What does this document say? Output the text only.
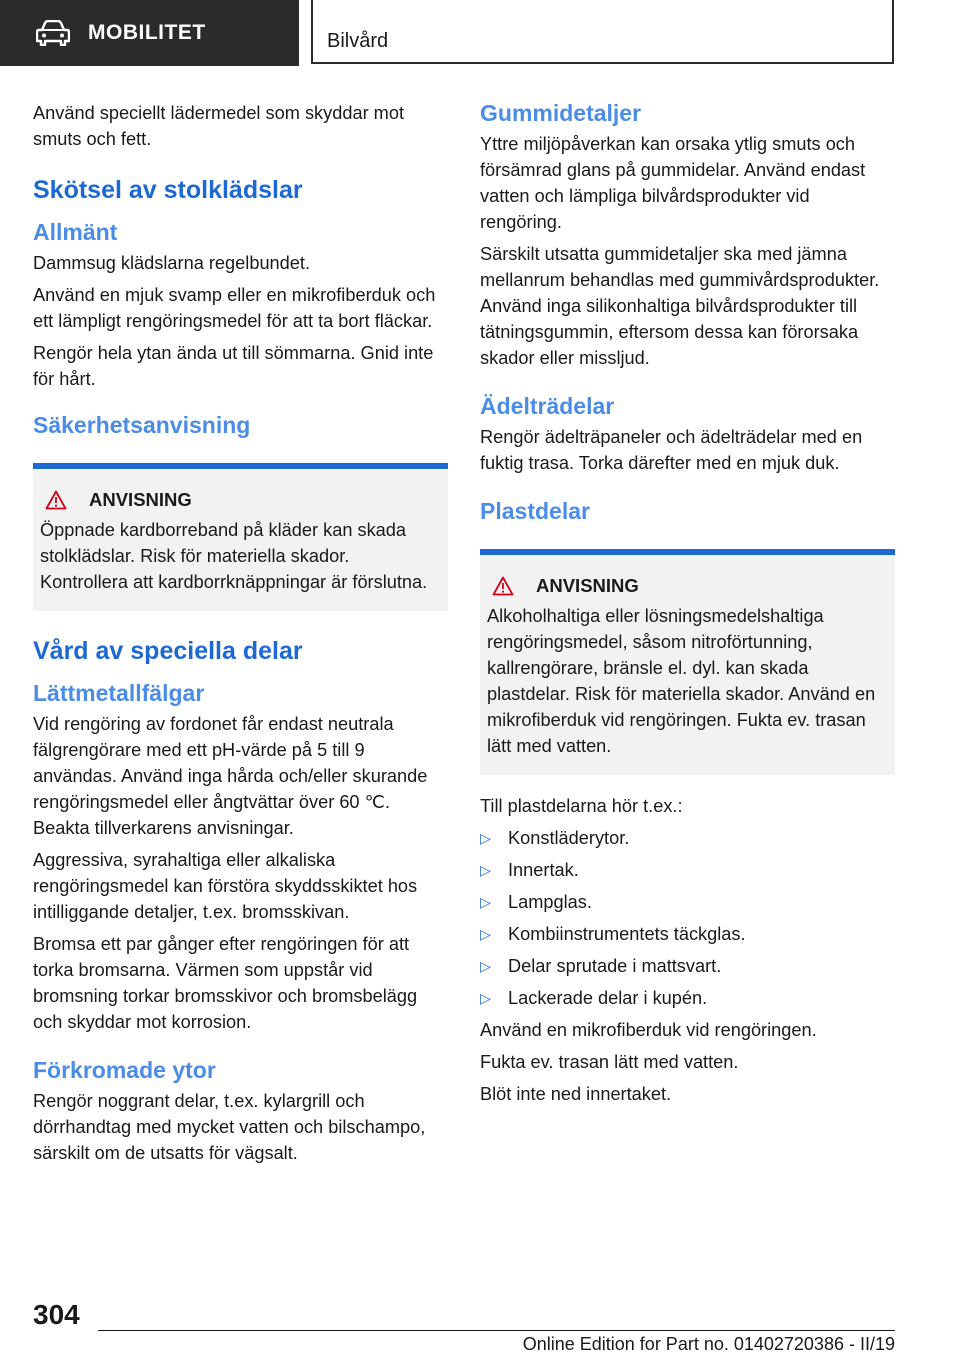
MOBILITET	Bilvård

Använd speciellt lädermedel som skyddar mot smuts och fett.

Skötsel av stolklädslar
Allmänt

Dammsug klädslarna regelbundet.

Använd en mjuk svamp eller en mikrofiberduk och ett lämpligt rengöringsmedel för att ta bort fläckar.

Rengör hela ytan ända ut till sömmarna. Gnid inte för hårt.

Säkerhetsanvisning
ANVISNING

Öppnade kardborreband på kläder kan skada stolklädslar. Risk för materiella skador. Kontrollera att kardborrknäppningar är förslutna.

Vård av speciella delar
Lättmetallfälgar

Vid rengöring av fordonet får endast neutrala fälgrengörare med ett pH-värde på 5 till 9 användas. Använd inga hårda och/eller skurande rengöringsmedel eller ångtvättar över 60 ℃. Beakta tillverkarens anvisningar.

Aggressiva, syrahaltiga eller alkaliska rengöringsmedel kan förstöra skyddsskiktet hos intilliggande detaljer, t.ex. bromsskivan.

Bromsa ett par gånger efter rengöringen för att torka bromsarna. Värmen som uppstår vid bromsning torkar bromsskivor och bromsbelägg och skyddar mot korrosion.

Förkromade ytor

Rengör noggrant delar, t.ex. kylargrill och dörrhandtag med mycket vatten och bilschampo, särskilt om de utsatts för vägsalt.

Gummidetaljer

Yttre miljöpåverkan kan orsaka ytlig smuts och försämrad glans på gummidelar. Använd endast vatten och lämpliga bilvårdsprodukter vid rengöring.

Särskilt utsatta gummidetaljer ska med jämna mellanrum behandlas med gummivårdsprodukter. Använd inga silikonhaltiga bilvårdsprodukter till tätningsgummin, eftersom dessa kan förorsaka skador eller missljud.

Ädelträdelar

Rengör ädelträpaneler och ädelträdelar med en fuktig trasa. Torka därefter med en mjuk duk.

Plastdelar
ANVISNING

Alkoholhaltiga eller lösningsmedelshaltiga rengöringsmedel, såsom nitroförtunning, kallrengörare, bränsle el. dyl. kan skada plastdelar. Risk för materiella skador. Använd en mikrofiberduk vid rengöringen. Fukta ev. trasan lätt med vatten.

Till plastdelarna hör t.ex.:

▷ Konstläderytor.
▷ Innertak.
▷ Lampglas.
▷ Kombiinstrumentets täckglas.
▷ Delar sprutade i mattsvart.
▷ Lackerade delar i kupén.

Använd en mikrofiberduk vid rengöringen.

Fukta ev. trasan lätt med vatten.

Blöt inte ned innertaket.

304
Online Edition for Part no. 01402720386 - II/19
